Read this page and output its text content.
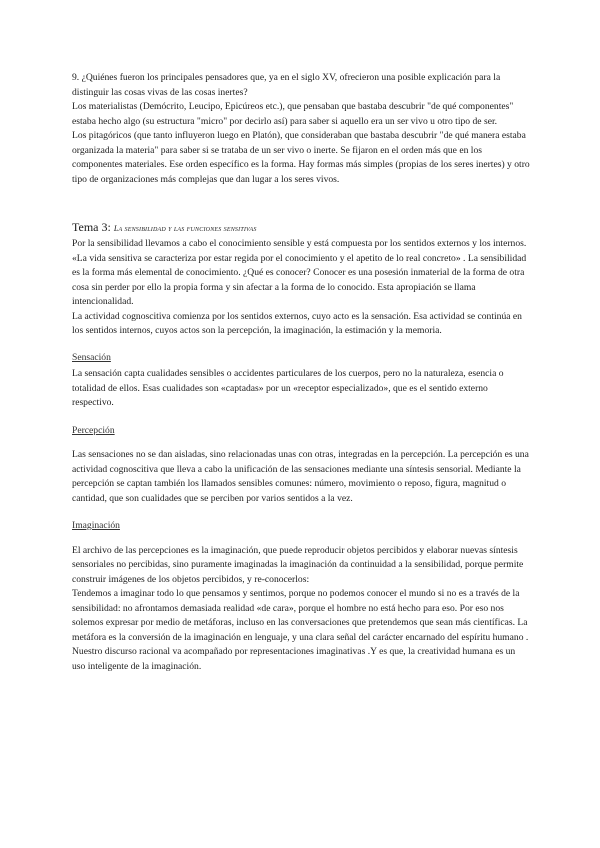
9. ¿Quiénes fueron los principales pensadores que, ya en el siglo XV, ofrecieron una posible explicación para la distinguir las cosas vivas de las cosas inertes?

Los materialistas (Demócrito, Leucipo, Epicúreos etc.), que pensaban que bastaba descubrir "de qué componentes" estaba hecho algo (su estructura "micro" por decirlo así) para saber si aquello era un ser vivo u otro tipo de ser.

Los pitagóricos (que tanto influyeron luego en Platón), que consideraban que bastaba descubrir "de qué manera estaba organizada la materia" para saber si se trataba de un ser vivo o inerte. Se fijaron en el orden más que en los componentes materiales. Ese orden específico es la forma. Hay formas más simples (propias de los seres inertes) y otro tipo de organizaciones más complejas que dan lugar a los seres vivos.

Tema 3: La sensibilidad y las funciones sensitivas

Por la sensibilidad llevamos a cabo el conocimiento sensible y está compuesta por los sentidos externos y los internos. «La vida sensitiva se caracteriza por estar regida por el conocimiento y el apetito de lo real concreto» . La sensibilidad es la forma más elemental de conocimiento. ¿Qué es conocer? Conocer es una posesión inmaterial de la forma de otra cosa sin perder por ello la propia forma y sin afectar a la forma de lo conocido. Esta apropiación se llama intencionalidad.

La actividad cognoscitiva comienza por los sentidos externos, cuyo acto es la sensación. Esa actividad se continúa en los sentidos internos, cuyos actos son la percepción, la imaginación, la estimación y la memoria.

Sensación

La sensación capta cualidades sensibles o accidentes particulares de los cuerpos, pero no la naturaleza, esencia o totalidad de ellos. Esas cualidades son «captadas» por un «receptor especializado», que es el sentido externo respectivo.

Percepción

Las sensaciones no se dan aisladas, sino relacionadas unas con otras, integradas en la percepción. La percepción es una actividad cognoscitiva que lleva a cabo la unificación de las sensaciones mediante una síntesis sensorial. Mediante la percepción se captan también los llamados sensibles comunes: número, movimiento o reposo, figura, magnitud o cantidad, que son cualidades que se perciben por varios sentidos a la vez.

Imaginación

El archivo de las percepciones es la imaginación, que puede reproducir objetos percibidos y elaborar nuevas síntesis sensoriales no percibidas, sino puramente imaginadas la imaginación da continuidad a la sensibilidad, porque permite construir imágenes de los objetos percibidos, y re-conocerlos:

Tendemos a imaginar todo lo que pensamos y sentimos, porque no podemos conocer el mundo si no es a través de la sensibilidad: no afrontamos demasiada realidad «de cara», porque el hombre no está hecho para eso. Por eso nos solemos expresar por medio de metáforas, incluso en las conversaciones que pretendemos que sean más científicas. La metáfora es la conversión de la imaginación en lenguaje, y una clara señal del carácter encarnado del espíritu humano . Nuestro discurso racional va acompañado por representaciones imaginativas .Y es que, la creatividad humana es un uso inteligente de la imaginación.
